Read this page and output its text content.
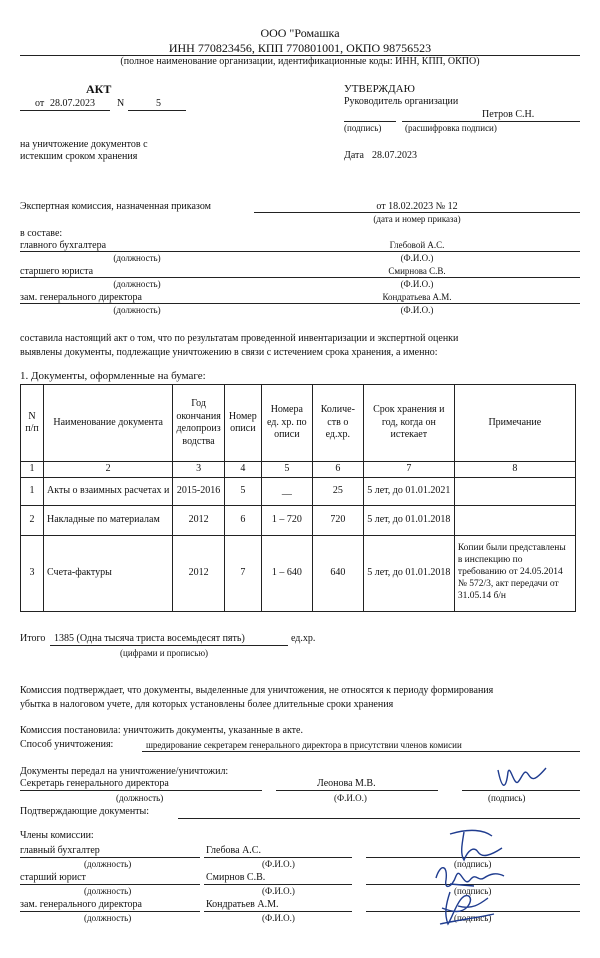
ООО "Ромашка
ИНН 770823456, КПП 770801001, ОКПО 98756523
(полное наименование организации, идентификационные коды: ИНН, КПП, ОКПО)
АКТ
от 28.07.2023 N	5
на уничтожение документов с
истекшим сроком хранения
УТВЕРЖДАЮ
Руководитель организации
Петров С.Н.
(подпись)	(расшифровка подписи)
Дата 28.07.2023
Экспертная комиссия, назначенная приказом	от 18.02.2023 № 12
(дата и номер приказа)
в составе:
главного бухгалтера	Глебовой А.С.
(должность)	(Ф.И.О.)
старшего юриста	Смирнова С.В.
(должность)	(Ф.И.О.)
зам. генерального директора	Кондратьева А.М.
(должность)	(Ф.И.О.)
составила настоящий акт о том, что по результатам проведенной инвентаризации и экспертной оценки
выявлены документы, подлежащие уничтожению в связи с истечением срока хранения, а именно:
1. Документы, оформленные на бумаге:
N п/п	Наименование документа	Год окончания делопроиз водства	Номер описи	Номера ед. хр. по описи	Количе-ств о ед.хр.	Срок хранения и год, когда он истекает	Примечание
1	2	3	4	5	6	7	8
1	Акты о взаимных расчетах и	2015-2016	5	__	25	5 лет, до 01.01.2021	
2	Накладные по материалам	2012	6	1 – 720	720	5 лет, до 01.01.2018	
3	Счета-фактуры	2012	7	1 – 640	640	5 лет, до 01.01.2018	Копии были представлены в инспекцию по требованию от 24.05.2014 № 572/3, акт передачи от 31.05.14 б/н
Итого 1385 (Одна тысяча триста восемьдесят пять)	ед.хр.
(цифрами и прописью)
Комиссия подтверждает, что документы, выделенные для уничтожения, не относятся к периоду формирования
убытка в налоговом учете, для которых установлены более длительные сроки хранения
Комиссия постановила: уничтожить документы, указанные в акте.
Способ уничтожения:	шредирование секретарем генерального директора в присутствии членов комисии
Документы передал на уничтожение/уничтожил:
Секретарь генерального директора	Леонова М.В.
(должность)	(Ф.И.О.)	(подпись)
Подтверждающие документы:
Члены комиссии:
главный бухгалтер	Глебова А.С.
(должность)	(Ф.И.О.)	(подпись)
старший юрист	Смирнов С.В.
(должность)	(Ф.И.О.)	(подпись)
зам. генерального директора	Кондратьев А.М.
(должность)	(Ф.И.О.)	(подпись)
